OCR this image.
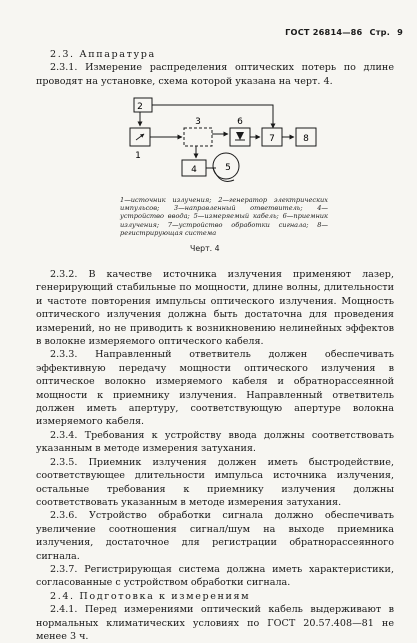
ГОСТ 26814—86 Стр. 9

2.3. Аппаратура

2.3.1. Измерение распределения оптических потерь по длине проводят на установке, схема которой указана на черт. 4.

2
1
3
4	5
6
7	8

1—источник излучения; 2—генератор электрических импульсов; 3—направленный ответвитель; 4—устройство ввода; 5—измеряемый кабель; 6—приемник излучения; 7—устройство обработки сигнала; 8—регистрирующая система

Черт. 4

2.3.2. В качестве источника излучения применяют лазер, генерирующий стабильные по мощности, длине волны, длительности и частоте повторения импульсы оптического излучения. Мощность оптического излучения должна быть достаточна для проведения измерений, но не приводить к возникновению нелинейных эффектов в волокне измеряемого оптического кабеля.

2.3.3. Направленный ответвитель должен обеспечивать эффективную передачу мощности оптического излучения в оптическое волокно измеряемого кабеля и обратнорассеянной мощности к приемнику излучения. Направленный ответвитель должен иметь апертуру, соответствующую апертуре волокна измеряемого кабеля.

2.3.4. Требования к устройству ввода должны соответствовать указанным в методе измерения затухания.

2.3.5. Приемник излучения должен иметь быстродействие, соответствующее длительности импульса источника излучения, остальные требования к приемнику излучения должны соответствовать указанным в методе измерения затухания.

2.3.6. Устройство обработки сигнала должно обеспечивать увеличение соотношения сигнал/шум на выходе приемника излучения, достаточное для регистрации обратнорассеянного сигнала.

2.3.7. Регистрирующая система должна иметь характеристики, согласованные с устройством обработки сигнала.

2.4. Подготовка к измерениям

2.4.1. Перед измерениями оптический кабель выдерживают в нормальных климатических условиях по ГОСТ 20.57.408—81 не менее 3 ч.
